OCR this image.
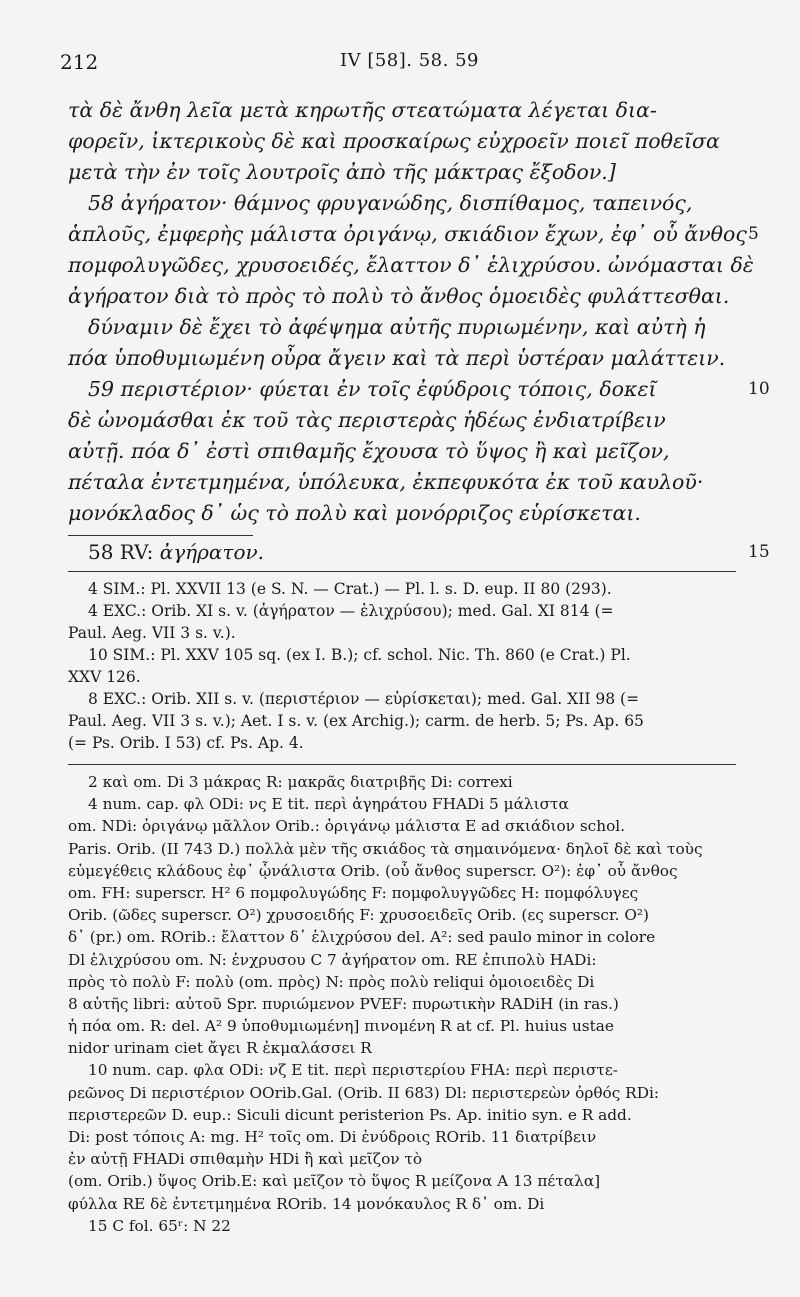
212	IV [58]. 58. 59
τὰ δὲ ἄνθη λεῖα μετὰ κηρωτῆς στεατώματα λέγεται δια-
φορεῖν, ἰκτερικοὺς δὲ καὶ προσκαίρως εὐχροεῖν ποιεῖ ποθεῖσα
μετὰ τὴν ἐν τοῖς λουτροῖς ἀπὸ τῆς μάκτρας ἔξοδον.]
58 ἀγήρατον· θάμνος φρυγανώδης, δισπίθαμος, ταπεινός,
ἁπλοῦς, ἐμφερὴς μάλιστα ὀριγάνῳ, σκιάδιον ἔχων, ἐφ᾽ οὗ ἄνθος 5
πομφολυγῶδες, χρυσοειδές, ἔλαττον δ᾽ ἑλιχρύσου. ὠνόμασται δὲ
ἀγήρατον διὰ τὸ πρὸς τὸ πολὺ τὸ ἄνθος ὁμοειδὲς φυλάττεσθαι.
δύναμιν δὲ ἔχει τὸ ἀφέψημα αὐτῆς πυριωμένην, καὶ αὐτὴ ἡ
πόα ὑποθυμιωμένη οὖρα ἄγειν καὶ τὰ περὶ ὑστέραν μαλάττειν.
59 περιστέριον· φύεται ἐν τοῖς ἐφύδροις τόποις, δοκεῖ	10
δὲ ὠνομάσθαι ἐκ τοῦ τὰς περιστερὰς ἡδέως ἐνδιατρίβειν
αὐτῇ. πόα δ᾽ ἐστὶ σπιθαμῆς ἔχουσα τὸ ὕψος ἢ καὶ μεῖζον,
πέταλα ἐντετμημένα, ὑπόλευκα, ἐκπεφυκότα ἐκ τοῦ καυλοῦ·
μονόκλαδος δ᾽ ὡς τὸ πολὺ καὶ μονόρριζος εὑρίσκεται.
58 RV: ἀγήρατον.	15
4 SIM.: Pl. XXVII 13 (e S. N. — Crat.) — Pl. l. s. D. eup. II 80 (293).
4 EXC.: Orib. XI s. v. (ἀγήρατον — ἑλιχρύσου); med. Gal. XI 814 (=
Paul. Aeg. VII 3 s. v.).
10 SIM.: Pl. XXV 105 sq. (ex I. B.); cf. schol. Nic. Th. 860 (e Crat.) Pl.
XXV 126.
8 EXC.: Orib. XII s. v. (περιστέριον — εὑρίσκεται); med. Gal. XII 98 (=
Paul. Aeg. VII 3 s. v.); Aet. I s. v. (ex Archig.); carm. de herb. 5; Ps. Ap. 65
(= Ps. Orib. I 53) cf. Ps. Ap. 4.
2 καὶ om. Di 3 μάκρας R: μακρᾶς διατριβῆς Di: correxi
4 num. cap. φλ ODi: νς E tit. περὶ ἀγηράτου FHADi 5 μάλιστα
om. NDi: ὀριγάνῳ μᾶλλον Orib.: ὀριγάνῳ μάλιστα E ad σκιάδιον schol.
Paris. Orib. (II 743 D.) πολλὰ μὲν τῆς σκιάδος τὰ σημαινόμενα· δηλοῖ δὲ καὶ τοὺς
εὐμεγέθεις κλάδους ἐφ᾽ ᾧνάλιστα Orib. (οὗ ἄνθος superscr. O²): ἐφ᾽ οὗ ἄνθος
om. FH: superscr. H² 6 πομφολυγώδης F: πομφολυγγῶδες H: πομφόλυγες
Orib. (ῶδες superscr. O²) χρυσοειδής F: χρυσοειδεῖς Orib. (ες superscr. O²)
δ᾽ (pr.) om. ROrib.: ἔλαττον δ᾽ ἑλιχρύσου del. A²: sed paulo minor in colore
Dl ἑλιχρύσου om. N: ἐνχρυσου C 7 ἀγήρατον om. RE ἐπιπολὺ HADi:
πρὸς τὸ πολὺ F: πολὺ (om. πρὸς) N: πρὸς πολὺ reliqui ὁμοιοειδὲς Di
8 αὐτῆς libri: αὐτοῦ Spr. πυριώμενον PVEF: πυρωτικὴν RADiH (in ras.)
ἡ πόα om. R: del. A² 9 ὑποθυμιωμένη] πινομένη R at cf. Pl. huius ustae
nidor urinam ciet ἄγει R ἐκμαλάσσει R
10 num. cap. φλα ODi: νζ E tit. περὶ περιστερίου FHA: περὶ περιστε-
ρεῶνος Di περιστέριον OOrib.Gal. (Orib. II 683) Dl: περιστερεὼν ὀρθός RDi:
περιστερεῶν D. eup.: Siculi dicunt peristerion Ps. Ap. initio syn. e R add.
Di: post τόποις A: mg. H² τοῖς om. Di ἐνύδροις ROrib. 11 διατρίβειν
ἐν αὐτῇ FHADi σπιθαμὴν HDi ἢ καὶ μεῖζον τὸ
(om. Orib.) ὕψος Orib.E: καὶ μεῖζον τὸ ὕψος R μείζονα A 13 πέταλα]
φύλλα RE δὲ ἐντετμημένα ROrib. 14 μονόκαυλος R δ᾽ om. Di
15 C fol. 65ʳ: N 22
